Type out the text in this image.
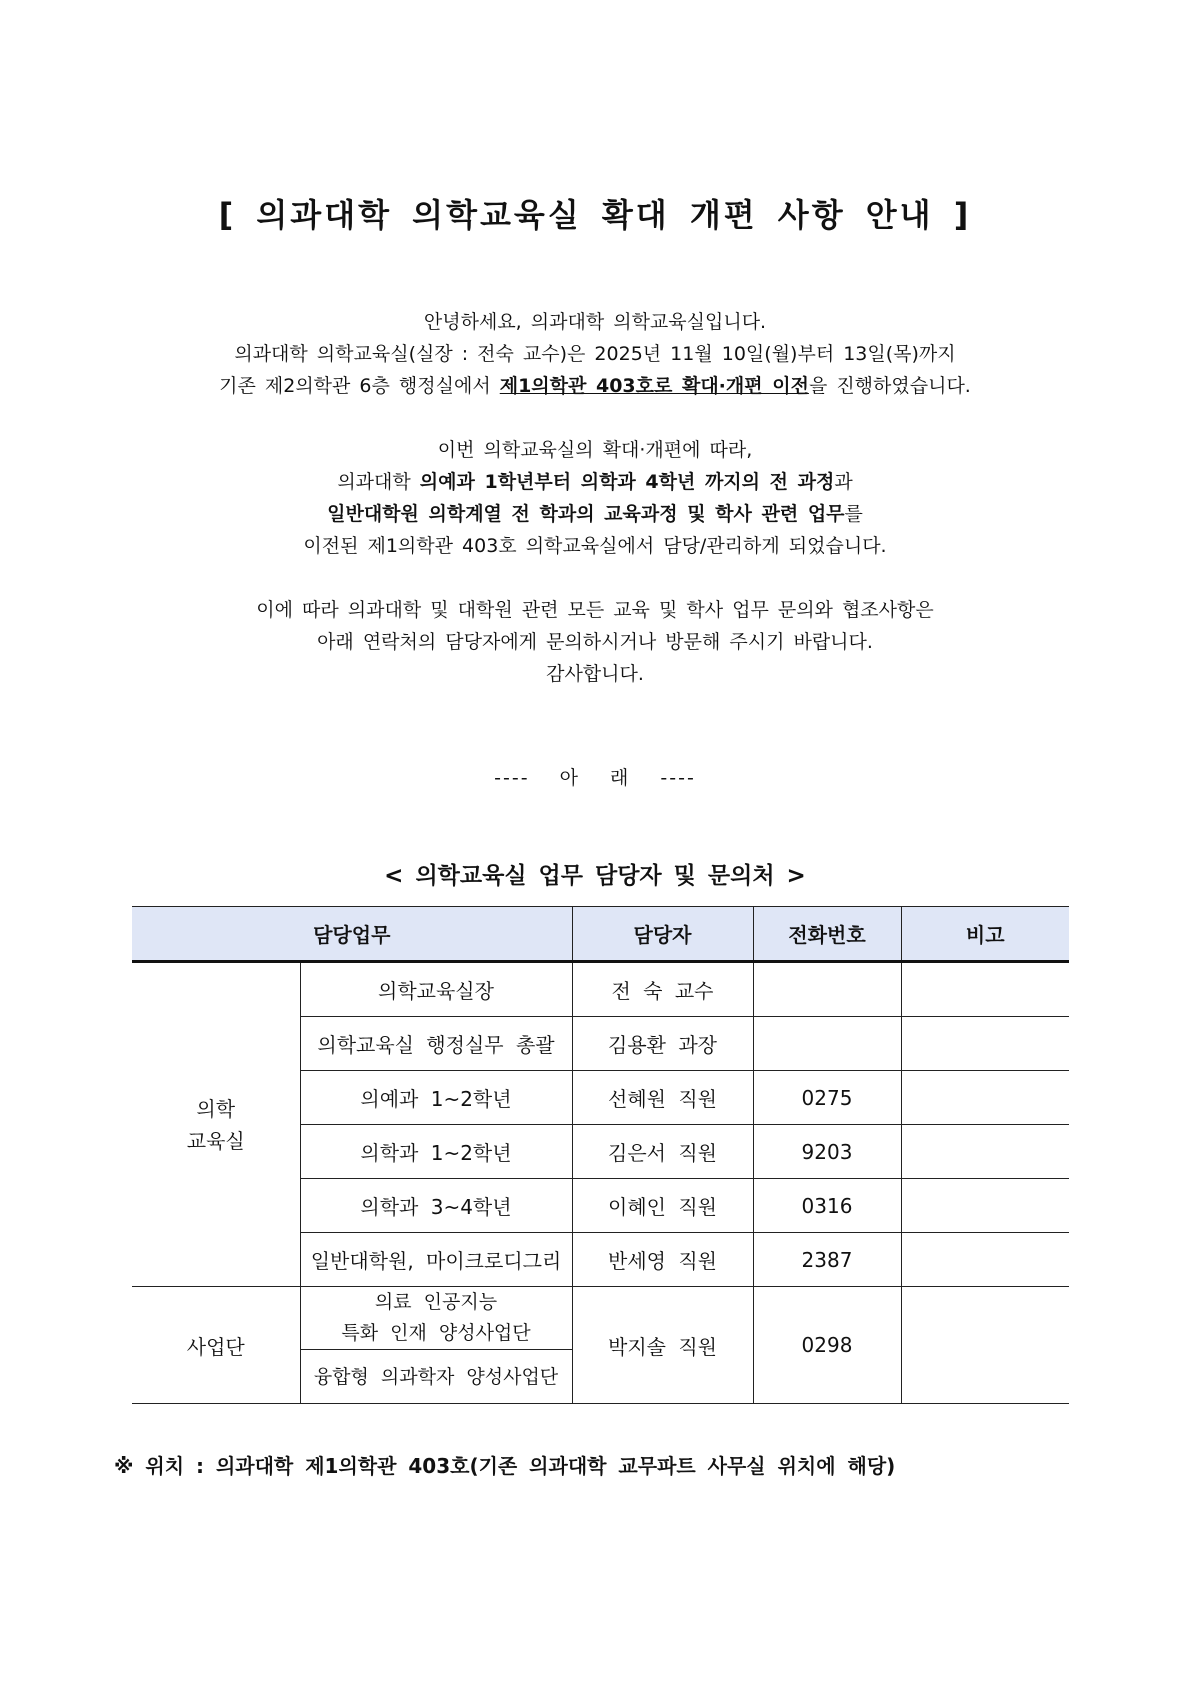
[ 의과대학 의학교육실 확대 개편 사항 안내 ]

안녕하세요, 의과대학 의학교육실입니다.

의과대학 의학교육실(실장 : 전숙 교수)은 2025년 11월 10일(월)부터 13일(목)까지

기존 제2의학관 6층 행정실에서 제1의학관 403호로 확대·개편 이전을 진행하였습니다.

이번 의학교육실의 확대·개편에 따라,

의과대학 의예과 1학년부터 의학과 4학년 까지의 전 과정과

일반대학원 의학계열 전 학과의 교육과정 및 학사 관련 업무를

이전된 제1의학관 403호 의학교육실에서 담당/관리하게 되었습니다.

이에 따라 의과대학 및 대학원 관련 모든 교육 및 학사 업무 문의와 협조사항은

아래 연락처의 담당자에게 문의하시거나 방문해 주시기 바랍니다.

감사합니다.

---- 아 래 ----
< 의학교육실 업무 담당자 및 문의처 >
담당업무		담당자	전화번호	비고

의학
교육실	의학교육실장	전 숙 교수		
	의학교육실 행정실무 총괄	김용환 과장		
	의예과 1~2학년	선혜원 직원	0275	
	의학과 1~2학년	김은서 직원	9203	
	의학과 3~4학년	이혜인 직원	0316	
	일반대학원, 마이크로디그리	반세영 직원	2387	
사업단	의료 인공지능
특화 인재 양성사업단	박지솔 직원	0298	
	융합형 의과학자 양성사업단			
※ 위치 : 의과대학 제1의학관 403호(기존 의과대학 교무파트 사무실 위치에 해당)
